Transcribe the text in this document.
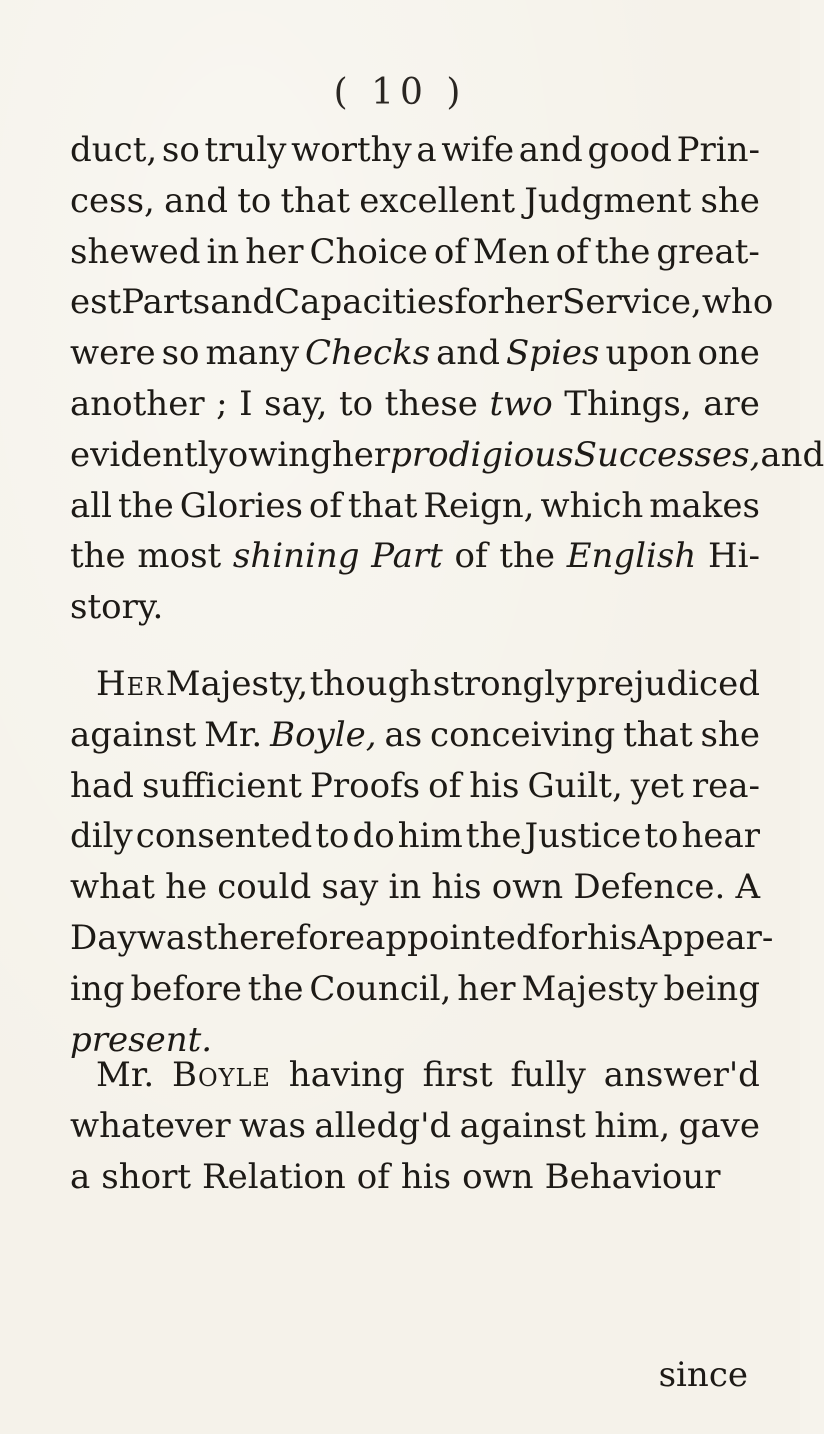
( 10 )
duct, so truly worthy a wife and good Prin-
cess, and to that excellent Judgment she
shewed in her Choice of Men of the great-
est Parts and Capacities for her Service, who
were so many Checks and Spies upon one
another ; I say, to these two Things, are
evidently owing her prodigious Successes, and
all the Glories of that Reign, which makes
the most shining Part of the English Hi-
story.
Her Majesty, though strongly prejudiced
against Mr. Boyle, as conceiving that she
had sufficient Proofs of his Guilt, yet rea-
dily consented to do him the Justice to hear
what he could say in his own Defence. A
Day was therefore appointed for his Appear-
ing before the Council, her Majesty being
present.
Mr. Boyle having first fully answer'd
whatever was alledg'd against him, gave
a short Relation of his own Behaviour
since
